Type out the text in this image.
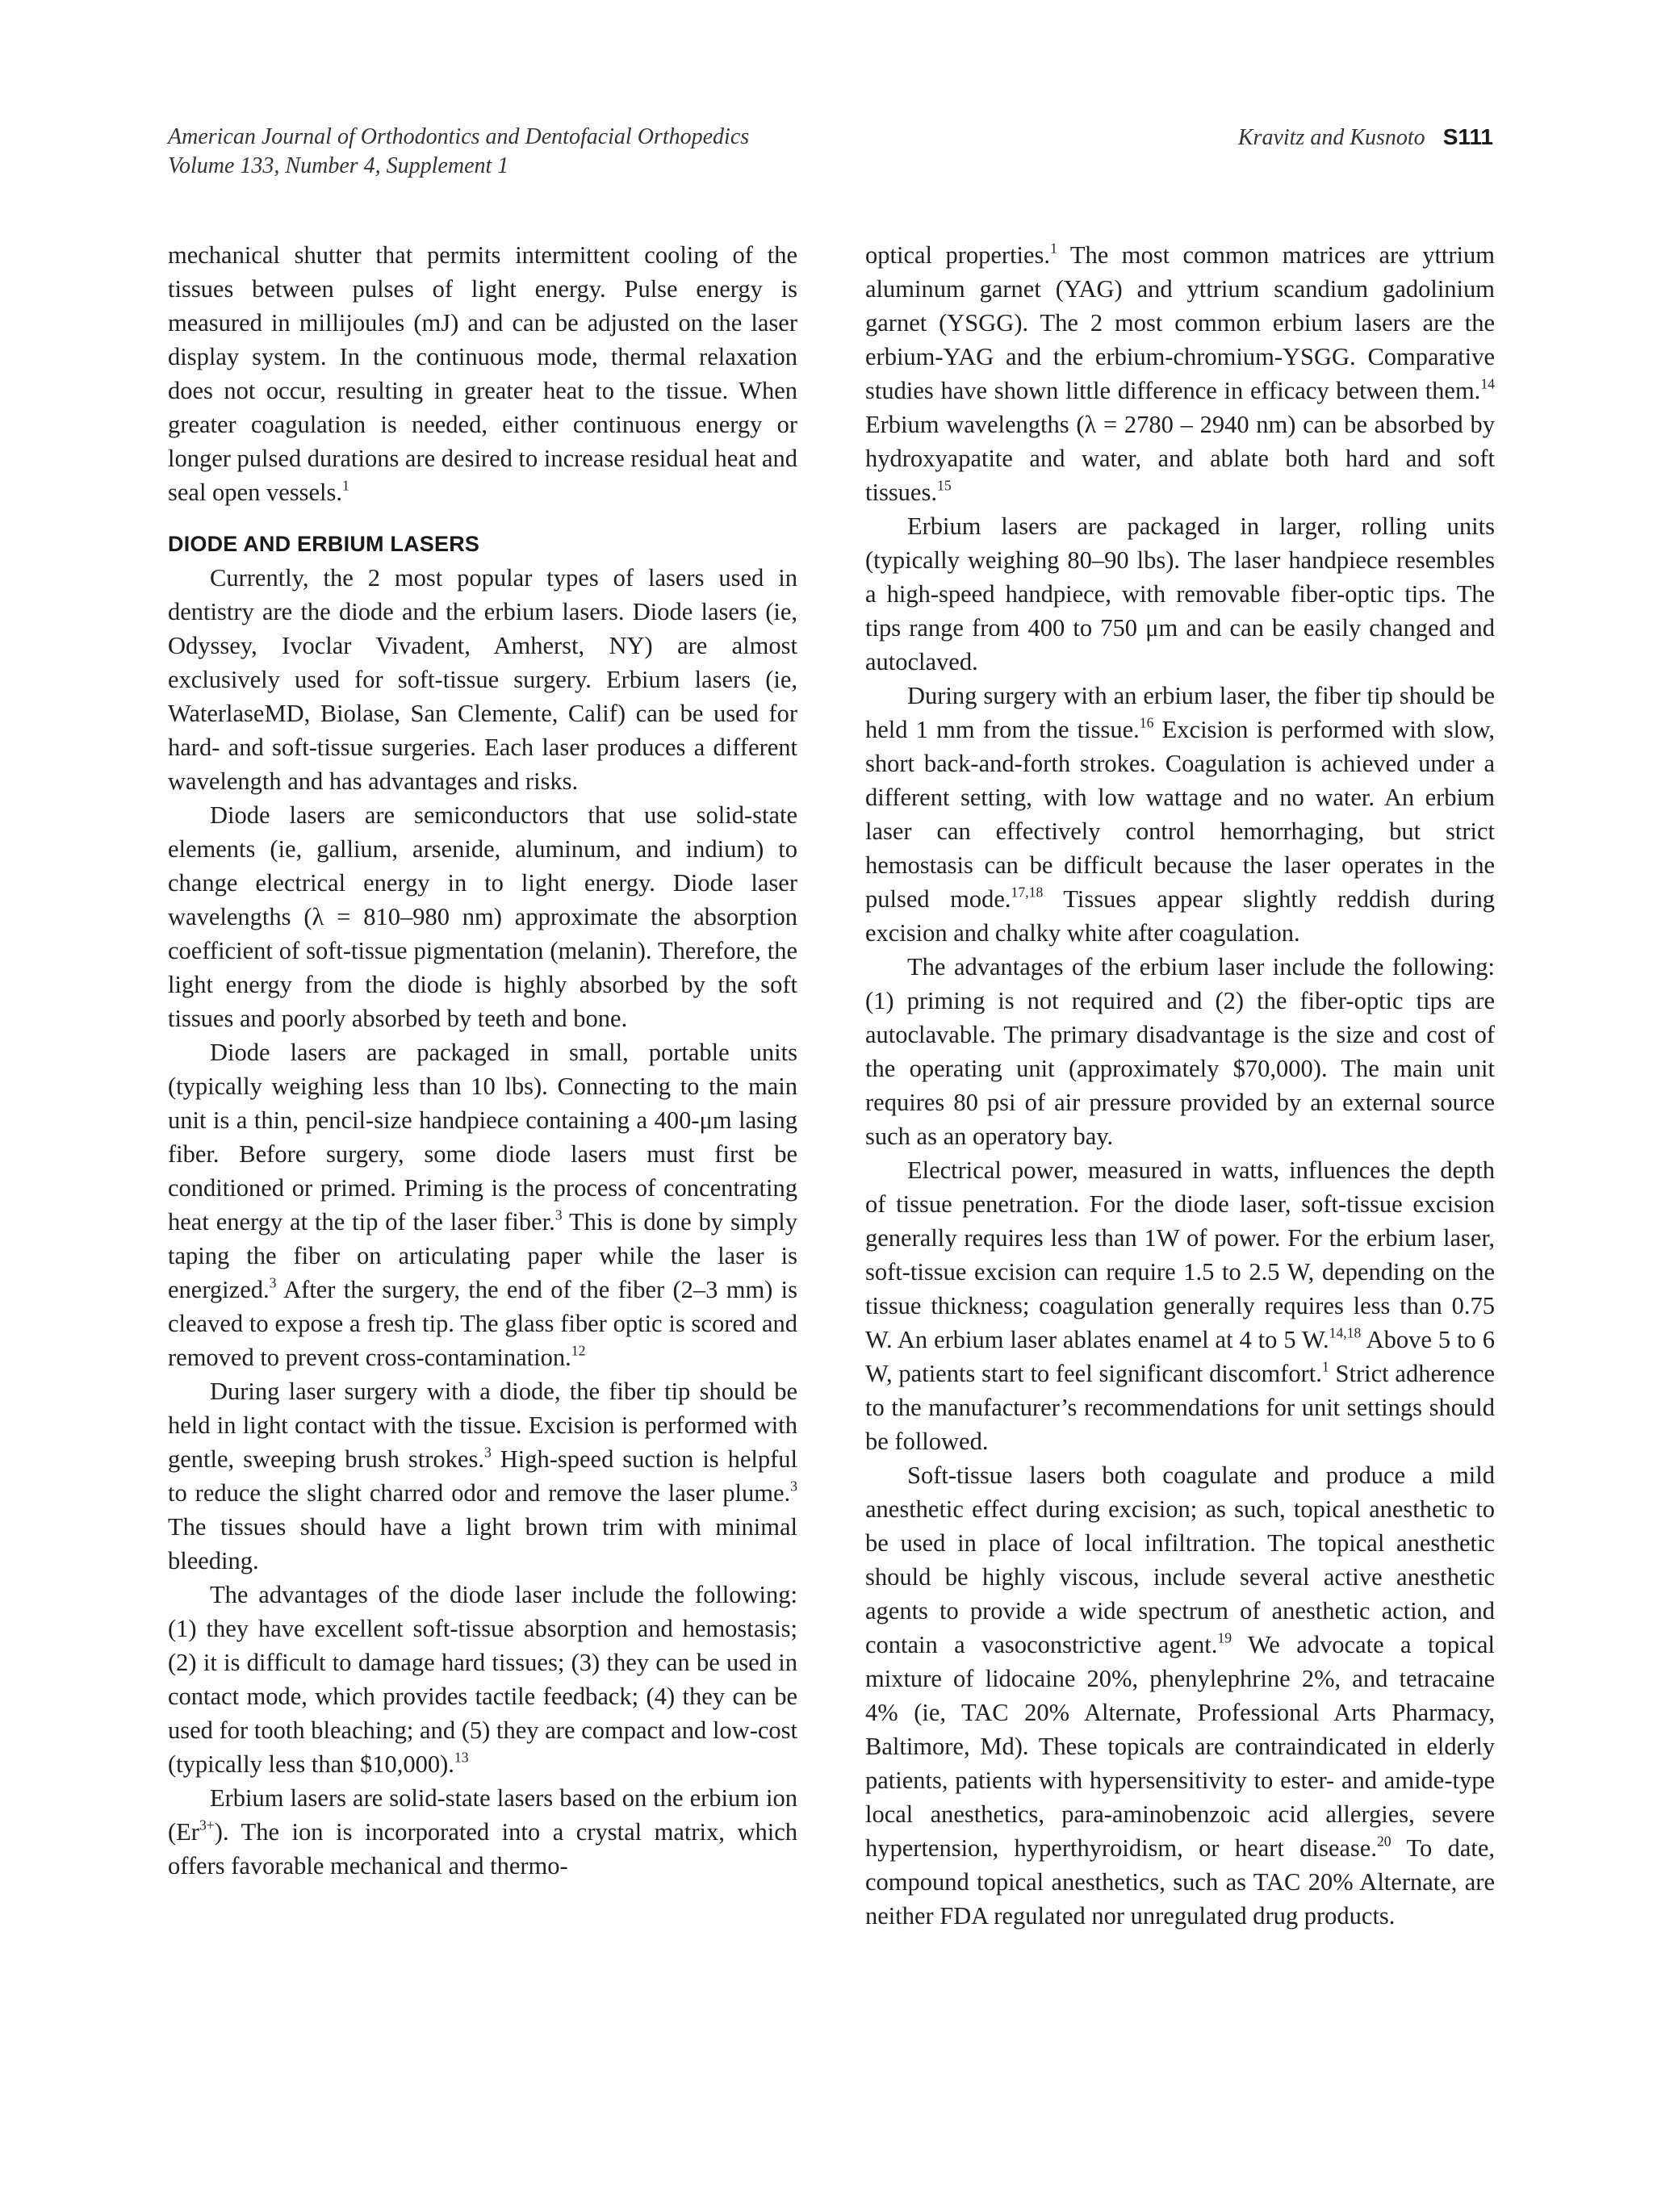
American Journal of Orthodontics and Dentofacial Orthopedics
Volume 133, Number 4, Supplement 1
Kravitz and Kusnoto S111

mechanical shutter that permits intermittent cooling of the tissues between pulses of light energy. Pulse energy is measured in millijoules (mJ) and can be adjusted on the laser display system. In the continuous mode, thermal relaxation does not occur, resulting in greater heat to the tissue. When greater coagulation is needed, either continuous energy or longer pulsed durations are desired to increase residual heat and seal open vessels.$^1$

DIODE AND ERBIUM LASERS

Currently, the 2 most popular types of lasers used in dentistry are the diode and the erbium lasers. Diode lasers (ie, Odyssey, Ivoclar Vivadent, Amherst, NY) are almost exclusively used for soft-tissue surgery. Erbium lasers (ie, WaterlaseMD, Biolase, San Clemente, Calif) can be used for hard- and soft-tissue surgeries. Each laser produces a different wavelength and has advantages and risks.

Diode lasers are semiconductors that use solid-state elements (ie, gallium, arsenide, aluminum, and indium) to change electrical energy in to light energy. Diode laser wavelengths (λ = 810–980 nm) approximate the absorption coefficient of soft-tissue pigmentation (melanin). Therefore, the light energy from the diode is highly absorbed by the soft tissues and poorly absorbed by teeth and bone.

Diode lasers are packaged in small, portable units (typically weighing less than 10 lbs). Connecting to the main unit is a thin, pencil-size handpiece containing a 400-μm lasing fiber. Before surgery, some diode lasers must first be conditioned or primed. Priming is the process of concentrating heat energy at the tip of the laser fiber.$^3$ This is done by simply taping the fiber on articulating paper while the laser is energized.$^3$ After the surgery, the end of the fiber (2–3 mm) is cleaved to expose a fresh tip. The glass fiber optic is scored and removed to prevent cross-contamination.$^{12}$

During laser surgery with a diode, the fiber tip should be held in light contact with the tissue. Excision is performed with gentle, sweeping brush strokes.$^3$ High-speed suction is helpful to reduce the slight charred odor and remove the laser plume.$^3$ The tissues should have a light brown trim with minimal bleeding.

The advantages of the diode laser include the following: (1) they have excellent soft-tissue absorption and hemostasis; (2) it is difficult to damage hard tissues; (3) they can be used in contact mode, which provides tactile feedback; (4) they can be used for tooth bleaching; and (5) they are compact and low-cost (typically less than $10,000).$^{13}$

Erbium lasers are solid-state lasers based on the erbium ion $(Er^{3+})$. The ion is incorporated into a crystal matrix, which offers favorable mechanical and thermo-

optical properties.$^1$ The most common matrices are yttrium aluminum garnet (YAG) and yttrium scandium gadolinium garnet (YSGG). The 2 most common erbium lasers are the erbium-YAG and the erbium-chromium-YSGG. Comparative studies have shown little difference in efficacy between them.$^{14}$ Erbium wavelengths (λ = 2780 – 2940 nm) can be absorbed by hydroxyapatite and water, and ablate both hard and soft tissues.$^{15}$

Erbium lasers are packaged in larger, rolling units (typically weighing 80–90 lbs). The laser handpiece resembles a high-speed handpiece, with removable fiber-optic tips. The tips range from 400 to 750 μm and can be easily changed and autoclaved.

During surgery with an erbium laser, the fiber tip should be held 1 mm from the tissue.$^{16}$ Excision is performed with slow, short back-and-forth strokes. Coagulation is achieved under a different setting, with low wattage and no water. An erbium laser can effectively control hemorrhaging, but strict hemostasis can be difficult because the laser operates in the pulsed mode.$^{17,18}$ Tissues appear slightly reddish during excision and chalky white after coagulation.

The advantages of the erbium laser include the following: (1) priming is not required and (2) the fiber-optic tips are autoclavable. The primary disadvantage is the size and cost of the operating unit (approximately $70,000). The main unit requires 80 psi of air pressure provided by an external source such as an operatory bay.

Electrical power, measured in watts, influences the depth of tissue penetration. For the diode laser, soft-tissue excision generally requires less than 1W of power. For the erbium laser, soft-tissue excision can require 1.5 to 2.5 W, depending on the tissue thickness; coagulation generally requires less than 0.75 W. An erbium laser ablates enamel at 4 to 5 W.$^{14,18}$ Above 5 to 6 W, patients start to feel significant discomfort.$^1$ Strict adherence to the manufacturer’s recommendations for unit settings should be followed.

Soft-tissue lasers both coagulate and produce a mild anesthetic effect during excision; as such, topical anesthetic to be used in place of local infiltration. The topical anesthetic should be highly viscous, include several active anesthetic agents to provide a wide spectrum of anesthetic action, and contain a vasoconstrictive agent.$^{19}$ We advocate a topical mixture of lidocaine 20%, phenylephrine 2%, and tetracaine 4% (ie, TAC 20% Alternate, Professional Arts Pharmacy, Baltimore, Md). These topicals are contraindicated in elderly patients, patients with hypersensitivity to ester- and amide-type local anesthetics, para-aminobenzoic acid allergies, severe hypertension, hyperthyroidism, or heart disease.$^{20}$ To date, compound topical anesthetics, such as TAC 20% Alternate, are neither FDA regulated nor unregulated drug products.
